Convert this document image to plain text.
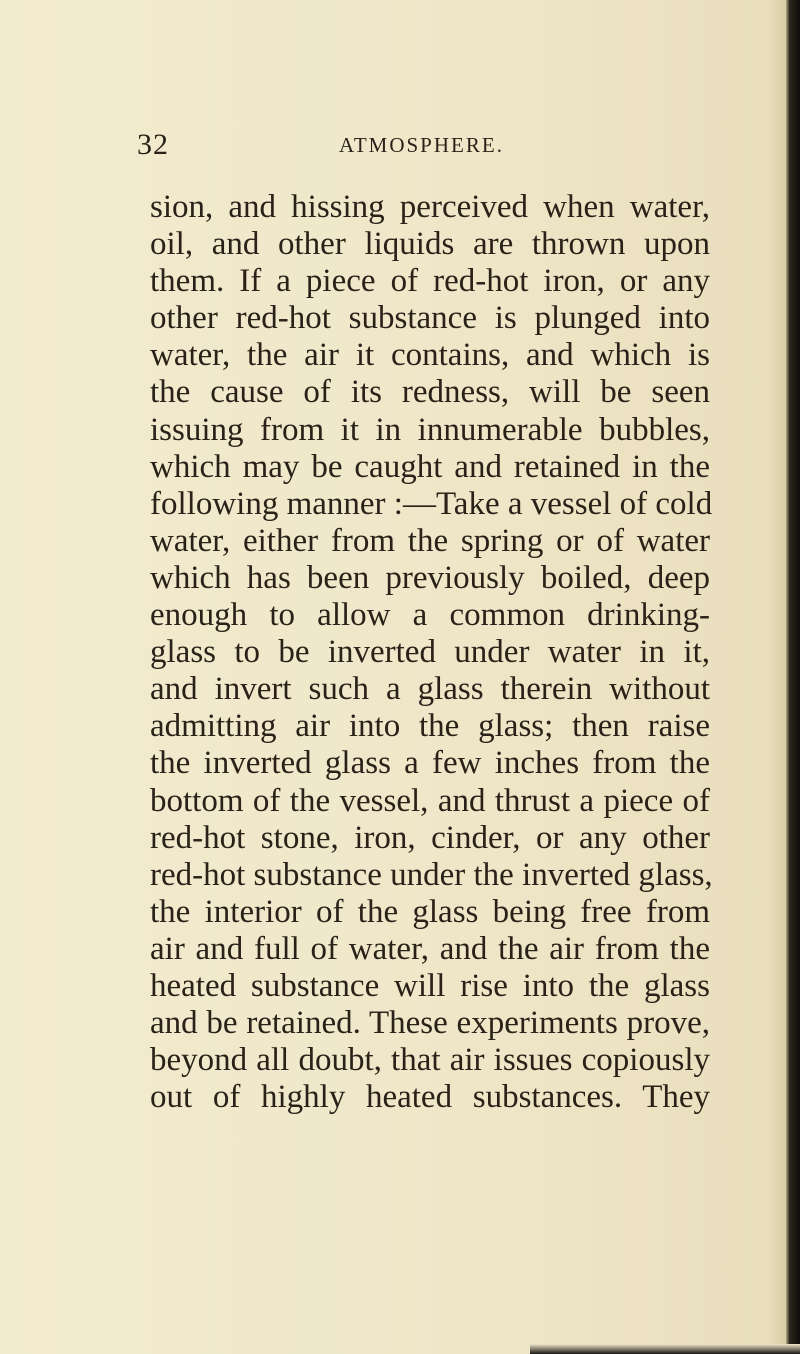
32	ATMOSPHERE.
sion, and hissing perceived when water,
oil, and other liquids are thrown upon
them. If a piece of red-hot iron, or any
other red-hot substance is plunged into
water, the air it contains, and which is
the cause of its redness, will be seen
issuing from it in innumerable bubbles,
which may be caught and retained in the
following manner :—Take a vessel of cold
water, either from the spring or of water
which has been previously boiled, deep
enough to allow a common drinking-
glass to be inverted under water in it,
and invert such a glass therein without
admitting air into the glass; then raise
the inverted glass a few inches from the
bottom of the vessel, and thrust a piece of
red-hot stone, iron, cinder, or any other
red-hot substance under the inverted glass,
the interior of the glass being free from
air and full of water, and the air from the
heated substance will rise into the glass
and be retained. These experiments prove,
beyond all doubt, that air issues copiously
out of highly heated substances. They
